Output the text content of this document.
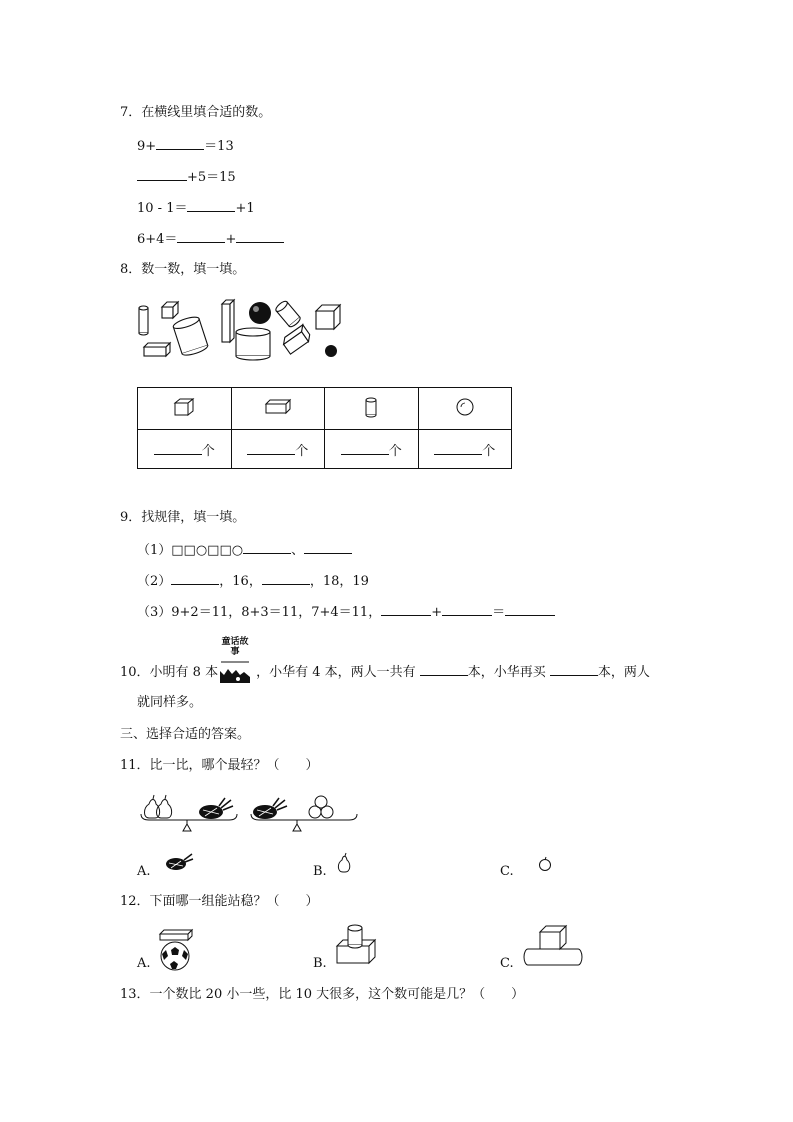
7．在横线里填合适的数。
9+	＝13
+5＝15
10 - 1＝	+1
6+4＝	+
8．数一数，填一填。

个	个	个	个
9．找规律，填一填。
（1）□□○□□○	、
（2）	，16，	，18，19
（3）9+2＝11，8+3＝11，7+4＝11，	+	＝
童话故事
10．小明有 8 本	，小华有 4 本，两人一共有	本，小华再买	本，两人
就同样多。
三、选择合适的答案。
11．比一比，哪个最轻？（　　）
A.	B.	C.
12．下面哪一组能站稳？（　　）
A.	B.	C.
13．一个数比 20 小一些，比 10 大很多，这个数可能是几？（　　）
